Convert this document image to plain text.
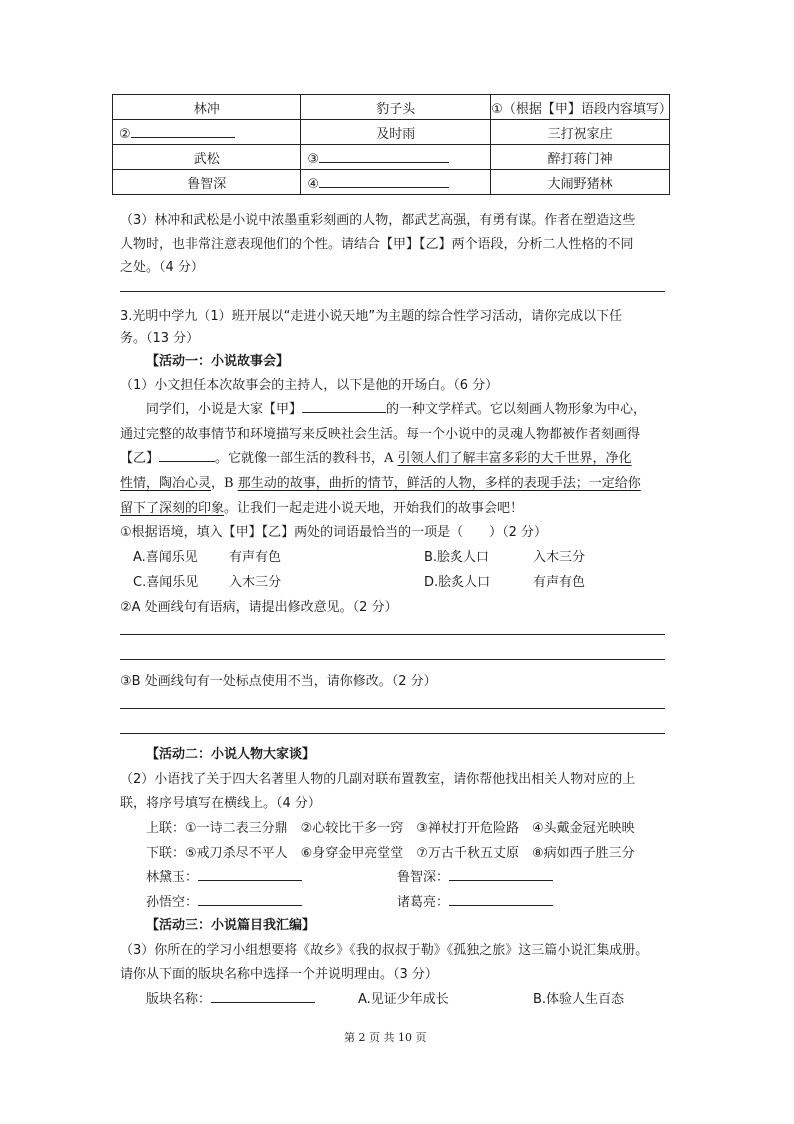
林冲	豹子头	①（根据【甲】语段内容填写）
②	及时雨	三打祝家庄
武松	③	醉打蒋门神
鲁智深	④	大闹野猪林
（3）林冲和武松是小说中浓墨重彩刻画的人物，都武艺高强，有勇有谋。作者在塑造这些
人物时，也非常注意表现他们的个性。请结合【甲】【乙】两个语段，分析二人性格的不同
之处。（4 分）
3.光明中学九（1）班开展以“走进小说天地”为主题的综合性学习活动，请你完成以下任
务。（13 分）
【活动一：小说故事会】
（1）小文担任本次故事会的主持人，以下是他的开场白。（6 分）
同学们，小说是大家【甲】	的一种文学样式。它以刻画人物形象为中心，
通过完整的故事情节和环境描写来反映社会生活。每一个小说中的灵魂人物都被作者刻画得
【乙】	。它就像一部生活的教科书，A 引领人们了解丰富多彩的大千世界，净化
性情，陶冶心灵，B 那生动的故事，曲折的情节，鲜活的人物，多样的表现手法；一定给你
留下了深刻的印象。让我们一起走进小说天地，开始我们的故事会吧！
①根据语境，填入【甲】【乙】两处的词语最恰当的一项是（　　）（2 分）
A.喜闻乐见 有声有色	B.脍炙人口	入木三分
C.喜闻乐见 入木三分	D.脍炙人口	有声有色
②A 处画线句有语病，请提出修改意见。（2 分）
③B 处画线句有一处标点使用不当，请你修改。（2 分）
【活动二：小说人物大家谈】
（2）小语找了关于四大名著里人物的几副对联布置教室，请你帮他找出相关人物对应的上
联，将序号填写在横线上。（4 分）
上联：①一诗二表三分鼎　②心较比干多一窍　③禅杖打开危险路　④头戴金冠光映映
下联：⑤戒刀杀尽不平人　⑥身穿金甲亮堂堂　⑦万古千秋五丈原　⑧病如西子胜三分
林黛玉：	鲁智深：
孙悟空：	诸葛亮：
【活动三：小说篇目我汇编】
（3）你所在的学习小组想要将《故乡》《我的叔叔于勒》《孤独之旅》这三篇小说汇集成册。
请你从下面的版块名称中选择一个并说明理由。（3 分）
版块名称：	A.见证少年成长	B.体验人生百态
第 2 页 共 10 页
